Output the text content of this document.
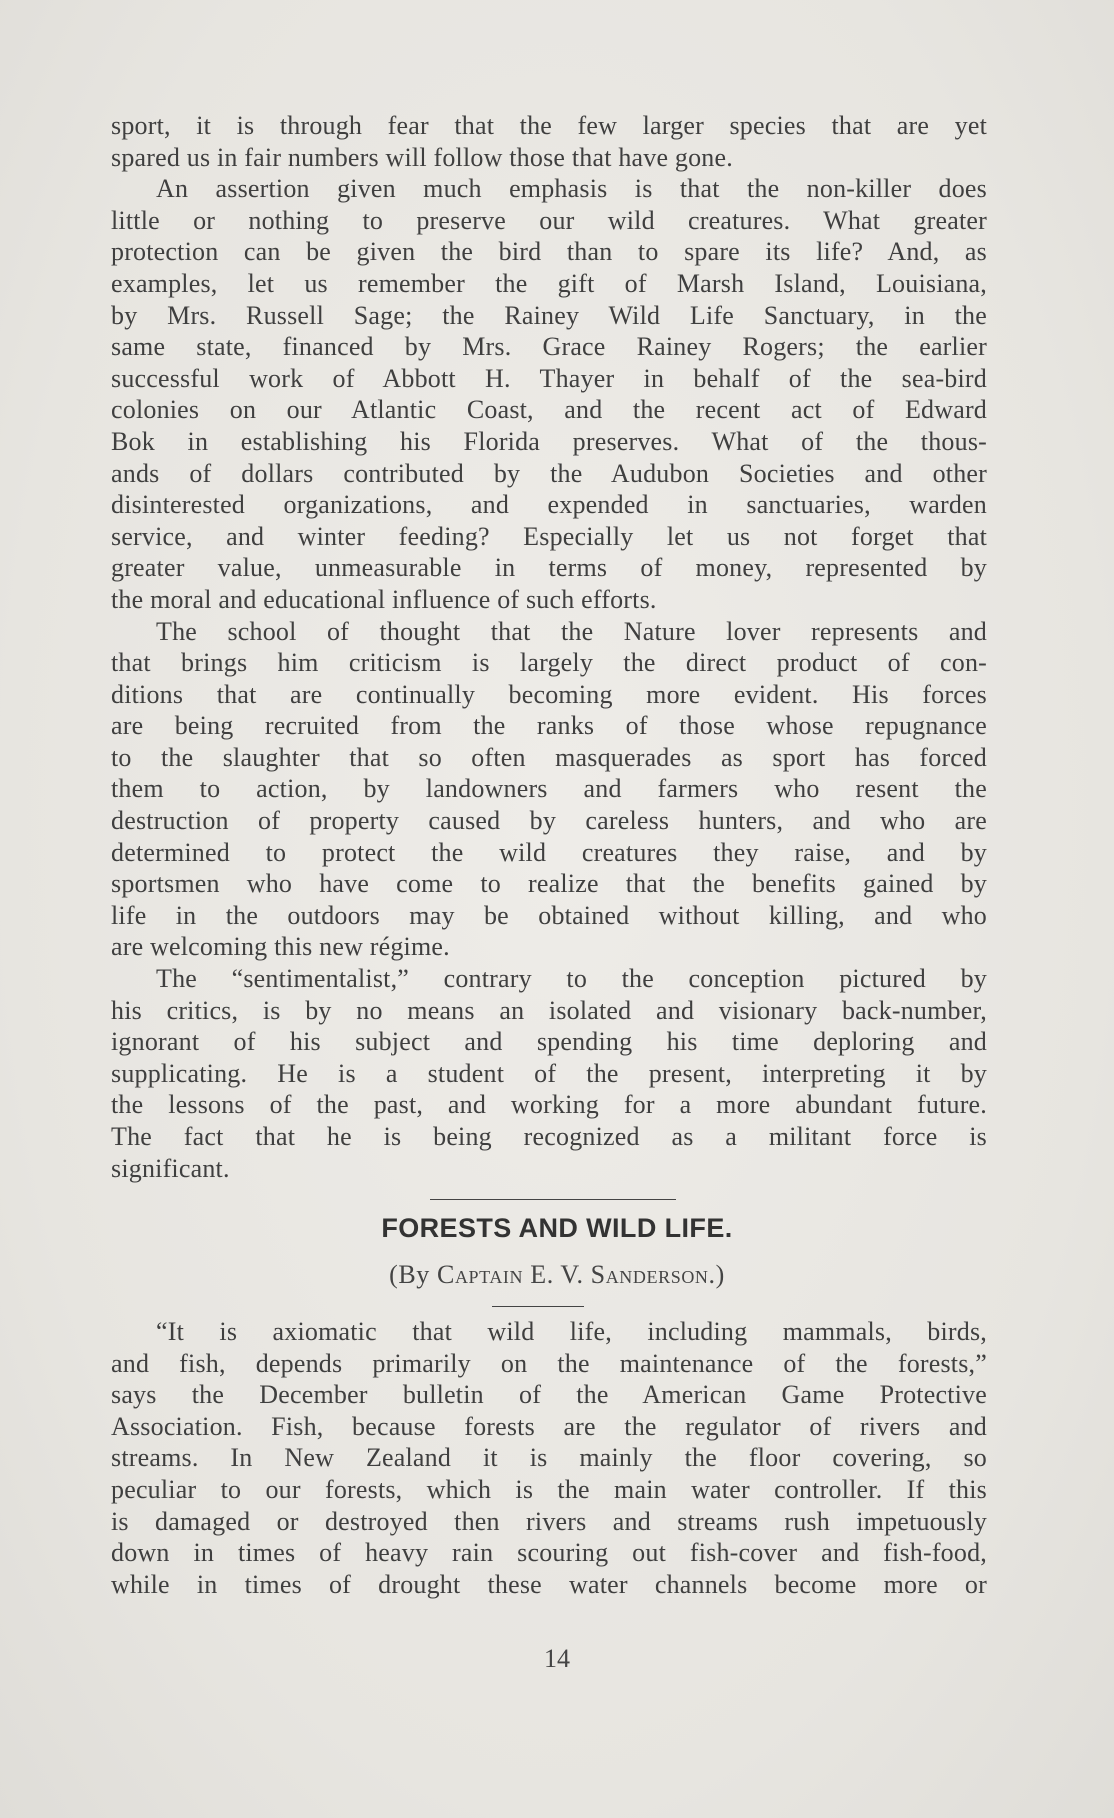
sport, it is through fear that the few larger species that are yet
spared us in fair numbers will follow those that have gone.
An assertion given much emphasis is that the non-killer does
little or nothing to preserve our wild creatures. What greater
protection can be given the bird than to spare its life? And, as
examples, let us remember the gift of Marsh Island, Louisiana,
by Mrs. Russell Sage; the Rainey Wild Life Sanctuary, in the
same state, financed by Mrs. Grace Rainey Rogers; the earlier
successful work of Abbott H. Thayer in behalf of the sea-bird
colonies on our Atlantic Coast, and the recent act of Edward
Bok in establishing his Florida preserves. What of the thous-
ands of dollars contributed by the Audubon Societies and other
disinterested organizations, and expended in sanctuaries, warden
service, and winter feeding? Especially let us not forget that
greater value, unmeasurable in terms of money, represented by
the moral and educational influence of such efforts.
The school of thought that the Nature lover represents and
that brings him criticism is largely the direct product of con-
ditions that are continually becoming more evident. His forces
are being recruited from the ranks of those whose repugnance
to the slaughter that so often masquerades as sport has forced
them to action, by landowners and farmers who resent the
destruction of property caused by careless hunters, and who are
determined to protect the wild creatures they raise, and by
sportsmen who have come to realize that the benefits gained by
life in the outdoors may be obtained without killing, and who
are welcoming this new régime.
The “sentimentalist,” contrary to the conception pictured by
his critics, is by no means an isolated and visionary back-number,
ignorant of his subject and spending his time deploring and
supplicating. He is a student of the present, interpreting it by
the lessons of the past, and working for a more abundant future.
The fact that he is being recognized as a militant force is
significant.
FORESTS AND WILD LIFE.
(By Captain E. V. Sanderson.)
“It is axiomatic that wild life, including mammals, birds,
and fish, depends primarily on the maintenance of the forests,”
says the December bulletin of the American Game Protective
Association. Fish, because forests are the regulator of rivers and
streams. In New Zealand it is mainly the floor covering, so
peculiar to our forests, which is the main water controller. If this
is damaged or destroyed then rivers and streams rush impetuously
down in times of heavy rain scouring out fish-cover and fish-food,
while in times of drought these water channels become more or
14
